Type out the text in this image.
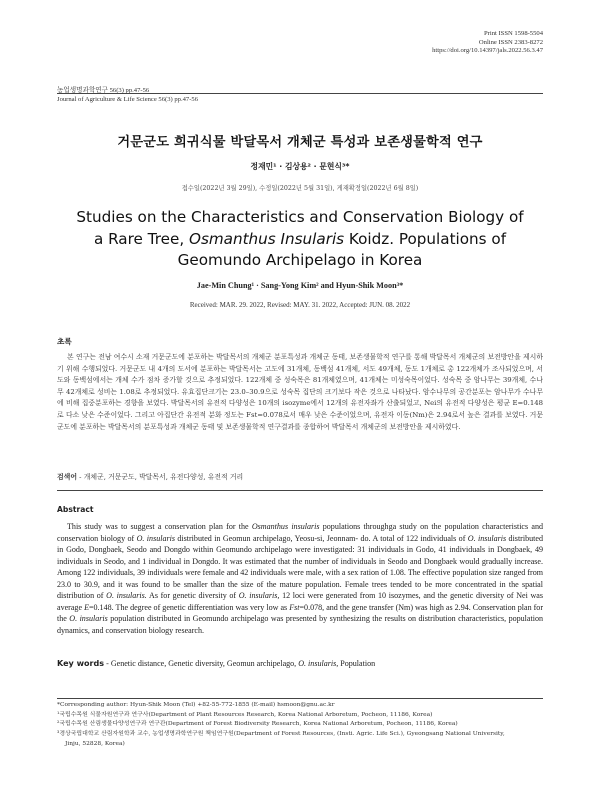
Print ISSN 1598-5504
Online ISSN 2383-8272
https://doi.org/10.14397/jals.2022.56.3.47
농업생명과학연구 56(3) pp.47-56
Journal of Agriculture & Life Science 56(3) pp.47-56
거문군도 희귀식물 박달목서 개체군 특성과 보존생물학적 연구
정재민¹ · 김상용² · 문현식³*
접수일(2022년 3월 29일), 수정일(2022년 5월 31일), 게재확정일(2022년 6월 8일)
Studies on the Characteristics and Conservation Biology of
a Rare Tree, Osmanthus Insularis Koidz. Populations of
Geomundo Archipelago in Korea
Jae-Min Chung¹ · Sang-Yong Kim² and Hyun-Shik Moon³*
Received: MAR. 29. 2022, Revised: MAY. 31. 2022, Accepted: JUN. 08. 2022
초록
본 연구는 전남 여수시 소재 거문군도에 분포하는 박달목서의 개체군 분포특성과 개체군 동태, 보존생물학적 연구를 통해 박달목서 개체군의 보전방안을 제시하기 위해 수행되었다. 거문군도 내 4개의 도서에 분포하는 박달목서는 고도에 31개체, 동백섬 41개체, 서도 49개체, 동도 1개체로 총 122개체가 조사되었으며, 서도와 동백섬에서는 개체 수가 점차 증가할 것으로 추정되었다. 122개체 중 성숙목은 81개체였으며, 41개체는 미성숙목이었다. 성숙목 중 암나무는 39개체, 수나무 42개체로 성비는 1.08로 추정되었다. 유효집단크기는 23.0–30.9으로 성숙목 집단의 크기보다 작은 것으로 나타났다. 암수나무의 공간분포는 암나무가 수나무에 비해 집중분포하는 경향을 보였다. 박달목서의 유전적 다양성은 10개의 isozyme에서 12개의 유전자좌가 산출되었고, Nei의 유전적 다양성은 평균 E=0.148로 다소 낮은 수준이었다. 그리고 아집단간 유전적 분화 정도는 Fst=0.078로서 매우 낮은 수준이었으며, 유전자 이동(Nm)은 2.94로서 높은 결과를 보였다. 거문군도에 분포하는 박달목서의 분포특성과 개체군 동태 및 보존생물학적 연구결과를 종합하여 박달목서 개체군의 보전방안을 제시하였다.
검색어 - 개체군, 거문군도, 박달목서, 유전다양성, 유전적 거리
Abstract
This study was to suggest a conservation plan for the Osmanthus insularis populations throughga study on the population characteristics and conservation biology of O. insularis distributed in Geomun archipelago, Yeosu-si, Jeonnam- do. A total of 122 individuals of O. insularis distributed in Godo, Dongbaek, Seodo and Dongdo within Geomundo archipelago were investigated: 31 individuals in Godo, 41 individuals in Dongbaek, 49 individuals in Seodo, and 1 individual in Dongdo. It was estimated that the number of individuals in Seodo and Dongbaek would gradually increase. Among 122 individuals, 39 individuals were female and 42 individuals were male, with a sex ration of 1.08. The effective population size ranged from 23.0 to 30.9, and it was found to be smaller than the size of the mature population. Female trees tended to be more concentrated in the spatial distribution of O. insularis. As for genetic diversity of O. insularis, 12 loci were generated from 10 isozymes, and the genetic diversity of Nei was average E=0.148. The degree of genetic differentiation was very low as Fst=0.078, and the gene transfer (Nm) was high as 2.94. Conservation plan for the O. insularis population distributed in Geomundo archipelago was presented by synthesizing the results on distribution characteristics, population dynamics, and conservation biology research.
Key words - Genetic distance, Genetic diversity, Geomun archipelago, O. insularis, Population

*Corresponding author: Hyun-Shik Moon (Tel) +82-55-772-1855 (E-mail) hsmoon@gnu.ac.kr

¹국립수목원 식물자원연구과 연구사(Department of Plant Resources Research, Korea National Arboretum, Pocheon, 11186, Korea)

²국립수목원 산림생물다양성연구과 연구관(Department of Forest Biodiversity Research, Korea National Arboretum, Pocheon, 11186, Korea)

³경상국립대학교 산림자원학과 교수, 농업생명과학연구원 책임연구원(Department of Forest Resources, (Insti. Agric. Life Sci.), Gyeongsang National University,

Jinju, 52828, Korea)
